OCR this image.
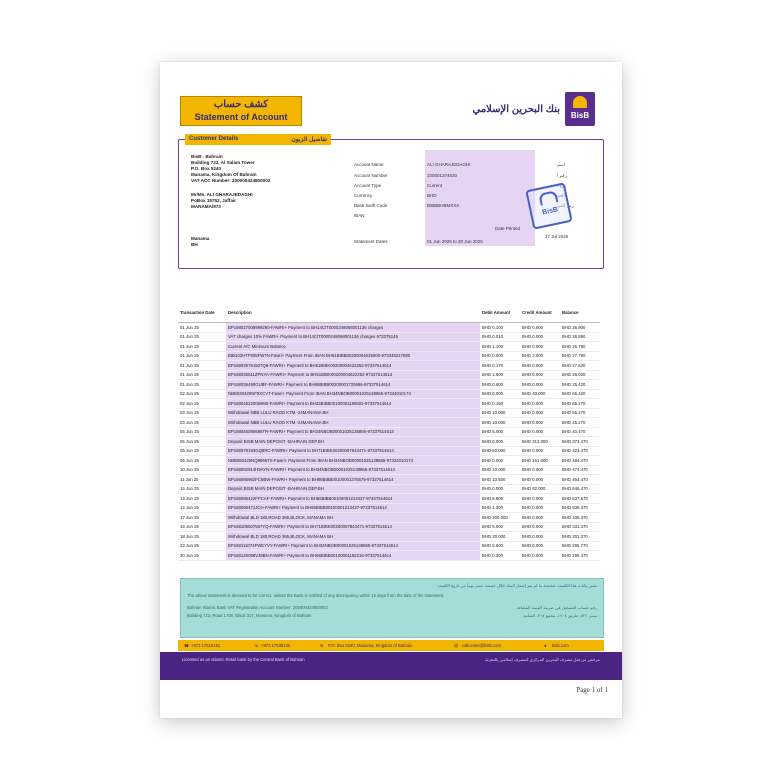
كشف حساب
Statement of Account
بنك البحرين الإسلامي
BisB
Customer Details	تفاصيل الزبون
BisB - Bahrain
Building 722, Al Salam Tower
P.O. Box 5240
Manama, Kingdom Of Bahrain
VAT ACC Number: 200000424800002
Mr/Ms. ALI GHARAJEDAGHI
PoBox 15752, Jaffair
MANAMA/973
Manama
BH
Account Name	ALI GHARAJEDAGHI	اسم
Account Number	100001374630	رقم ا
Account Type	Current	نوع ا
Currency	BHD	العم
Bank Swift Code	BIBBBHBMXXX	رمز الس
IBAN
Date Printed
27 Jul 2025
Statement Dates	01 Jun 2025 to 30 Jun 2025
BisB
Transaction Date	Description	Debit Amount	Credit Amount	Balance
01 Jun 25	BP168027008999290-FAWRI+ Payment to BH14CIT0000248068001136 charges	BHD 0.100	BHD 0.000	BHD 26.900
01 Jun 25	VAT charges 10% FAWRI+ Payment to BH14CIT0000248068001136 charges 973375146	BHD 0.010	BHD 0.000	BHD 26.890
01 Jun 25	Current A/C Minimum Balance	BHD 1.100	BHD 0.000	BHD 25.790
01 Jun 25	BIB103HTF905FW7N-Fawri+ Payment From IBAN BH51BIBB00200004625000-973348227080	BHD 0.000	BHD 2.000	BHD 27.790
01 Jun 25	BP168035761507Q9-FAWRI+ Payment to BH51BIBK00200004622252-97337514614	BHD 0.170	BHD 0.000	BHD 27.620
01 Jun 25	BP168035611ZPNYA-FAWRI+ Payment to BH51BIBK00200004622252-97337514614	BHD 1.600	BHD 0.000	BHD 26.020
01 Jun 25	BP168036490GUBF-FAWRI+ Payment to BH66BIBB00200001720686-97337514614	BHD 0.600	BHD 0.000	BHD 25.420
02 Jun 25	NBB020420NF8XCVT-Fawri+ Payment From IBAN BH34NBOB00001025138865-97334010174	BHD 0.000	BHD 40.000	BHD 65.420
02 Jun 25	BP168045220069M9-FAWRI+ Payment to BH33BIBB00100001196502-97337514614	BHD 0.150	BHD 0.000	BHD 65.270
03 Jun 25	Withdrawal NBB LULU RAOD KTM -24MANAMA BH	BHD 10.000	BHD 0.000	BHD 55.270
03 Jun 25	Withdrawal NBB LULU RAOD KTM -24MANAMA BH	BHD 10.000	BHD 0.000	BHD 45.270
05 Jun 25	BP168046090686TR-FAWRI+ Payment to BH34NBOB00001025138865-97337514614	BHD 5.000	BHD 0.000	BHD 40.470
05 Jun 25	Deposit BISB MAIN DEPOSIT -BAHRAIN DEP.BH	BHD 0.000	BHD 313.000	BHD 373.470
05 Jun 25	BP168079193GQ8RC-FAWRI+ Payment to BH71BIBK00200007843471-97337514614	BHD 50.000	BHD 0.000	BHD 323.470
06 Jun 25	NBB060425NQ9865TS-Fawri+ Payment From IBAN BH34NBOB00001025138865-97334010174	BHD 0.000	BHD 161.000	BHD 484.470
10 Jun 25	BP168092814H9AYN-FAWRI+ Payment to BH34NBOB00001025138865-97337514614	BHD 10.000	BHD 0.000	BHD 474.470
11 Jun 25	BP168085962FC6BW-FAWRI+ Payment to BH86BIBB00100001375575-97337514614	BHD 10.500	BHD 0.000	BHD 464.470
14 Jun 25	Deposit BISB MAIN DEPOSIT -BAHRAIN DEP.BH	BHD 0.000	BHD 82.000	BHD 546.470
14 Jun 25	BP168096422FPCAF-FAWRI+ Payment to BH66BIBB00100001213437-97337514614	BHD 8.800	BHD 0.000	BHD 537.670
14 Jun 25	BP168096471JCH-FAWRI+ Payment to BH66BIBB00100001213437-97337514614	BHD 1.300	BHD 0.000	BHD 536.370
17 Jun 25	Withdrawal BLD 180,ROAD 365,BLOCK, MANAMA BH	BHD 200.000	BHD 0.000	BHD 336.370
18 Jun 25	BP168105507567YQ-FAWRI+ Payment to BH71BIBK00200007843471-97337514614	BHD 5.000	BHD 0.000	BHD 331.370
18 Jun 25	Withdrawal BLD 180,ROAD 365,BLOCK, MANAMA BH	BHD 30.000	BHD 0.000	BHD 301.370
23 Jun 25	BP168111074FWEYVY-FAWRI+ Payment to BH34NBOB00001025138865-97337514614	BHD 5.600	BHD 0.000	BHD 295.770
30 Jun 25	BP168125098VJ8BN-FAWRI+ Payment to BH66BIBB00100001162216-97337514614	BHD 0.300	BHD 0.000	BHD 295.470
تعتبر بيانات هذا الكشف صحيحة ما لم يتم إشعار البنك خلال خمسة عشر يوماً من تاريخ الكشف
The above statement is deemed to be correct, unless the Bank is notified of any discrepancy within 15 days from the date of the statement.
Bahrain Islamic Bank VAT Registration Account Number: 200000424800002
Building 722, Road 1708, Block 317, Manama, Kingdom of Bahrain
رقم حساب التسجيل في ضريبة القيمة المضافة
مبنى ٧٢٢، طريق ١٧٠٨، مجمع ٣١٧، المنامة
☎ +973 17515151	☏ +973 17535135	✉ P.O. Box 5240, Manama, Kingdom of Bahrain	@ callcenter@bisb.com	● bisb.com
Licensed as an Islamic Retail bank by the Central Bank of Bahrain	مرخص من قبل مصرف البحرين المركزي كمصرف إسلامي بالتجزئة
Page 1 of 1
